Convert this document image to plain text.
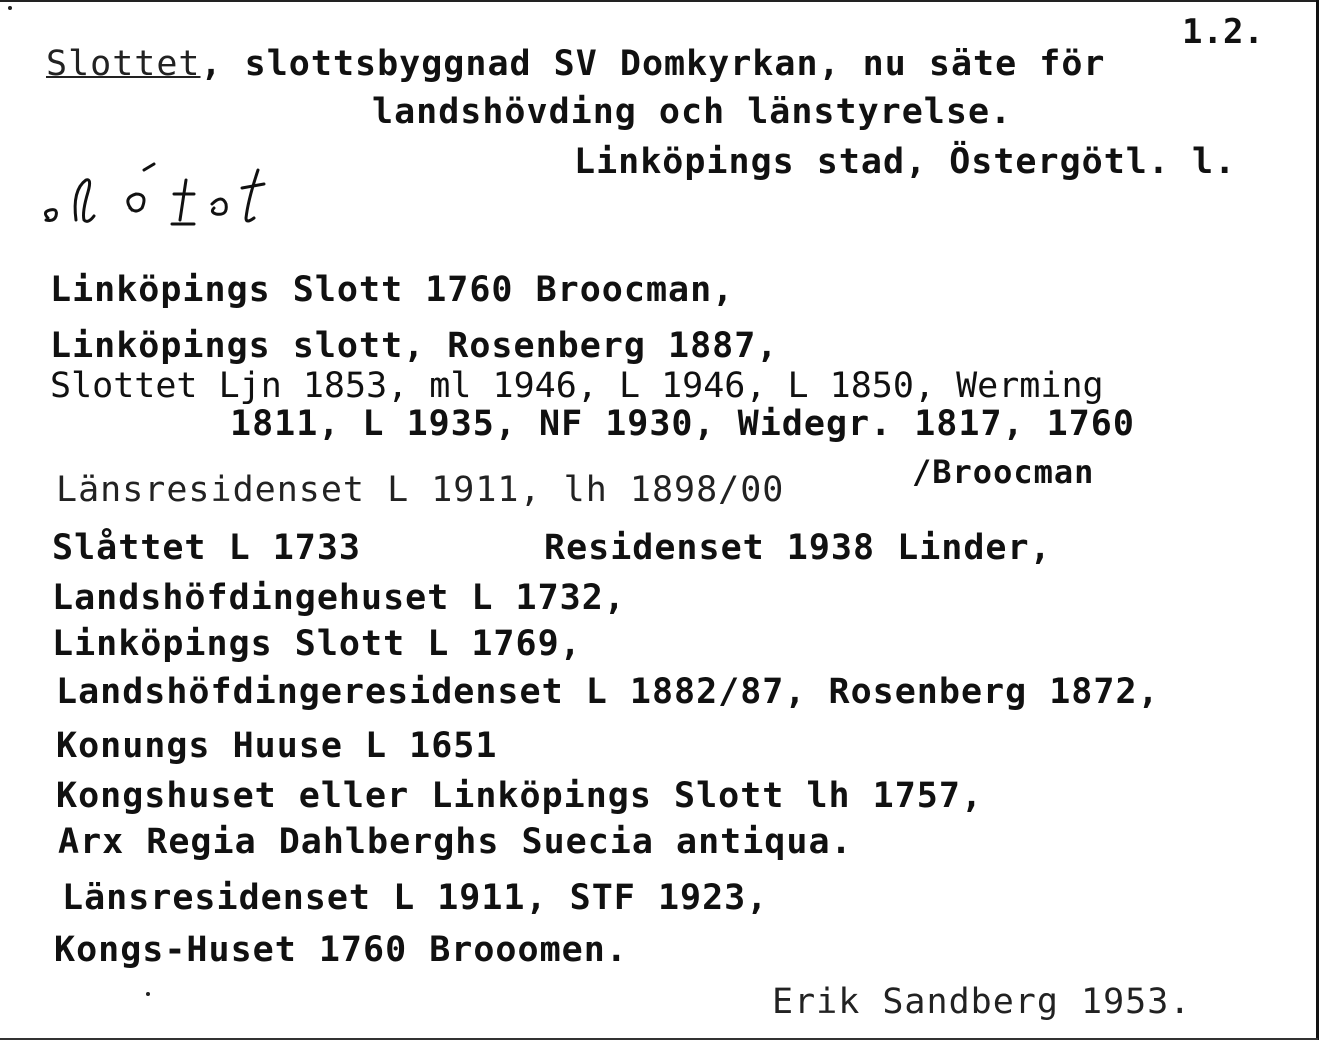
1.2.
Slottet, slottsbyggnad SV Domkyrkan, nu säte för
landshövding och länstyrelse.
Linköpings stad, Östergötl. l.
Linköpings Slott 1760 Broocman,
Linköpings slott, Rosenberg 1887,
Slottet Ljn 1853, ml 1946, L 1946, L 1850, Werming
1811, L 1935, NF 1930, Widegr. 1817, 1760
Länsresidenset L 1911, lh 1898/00	/Broocman
Slåttet L 1733	Residenset 1938 Linder,
Landshöfdingehuset L 1732,
Linköpings Slott L 1769,
Landshöfdingeresidenset L 1882/87, Rosenberg 1872,
Konungs Huuse L 1651
Kongshuset eller Linköpings Slott lh 1757,
Arx Regia Dahlberghs Suecia antiqua.
Länsresidenset L 1911, STF 1923,
Kongs-Huset 1760 Brooomen.
Erik Sandberg 1953.
